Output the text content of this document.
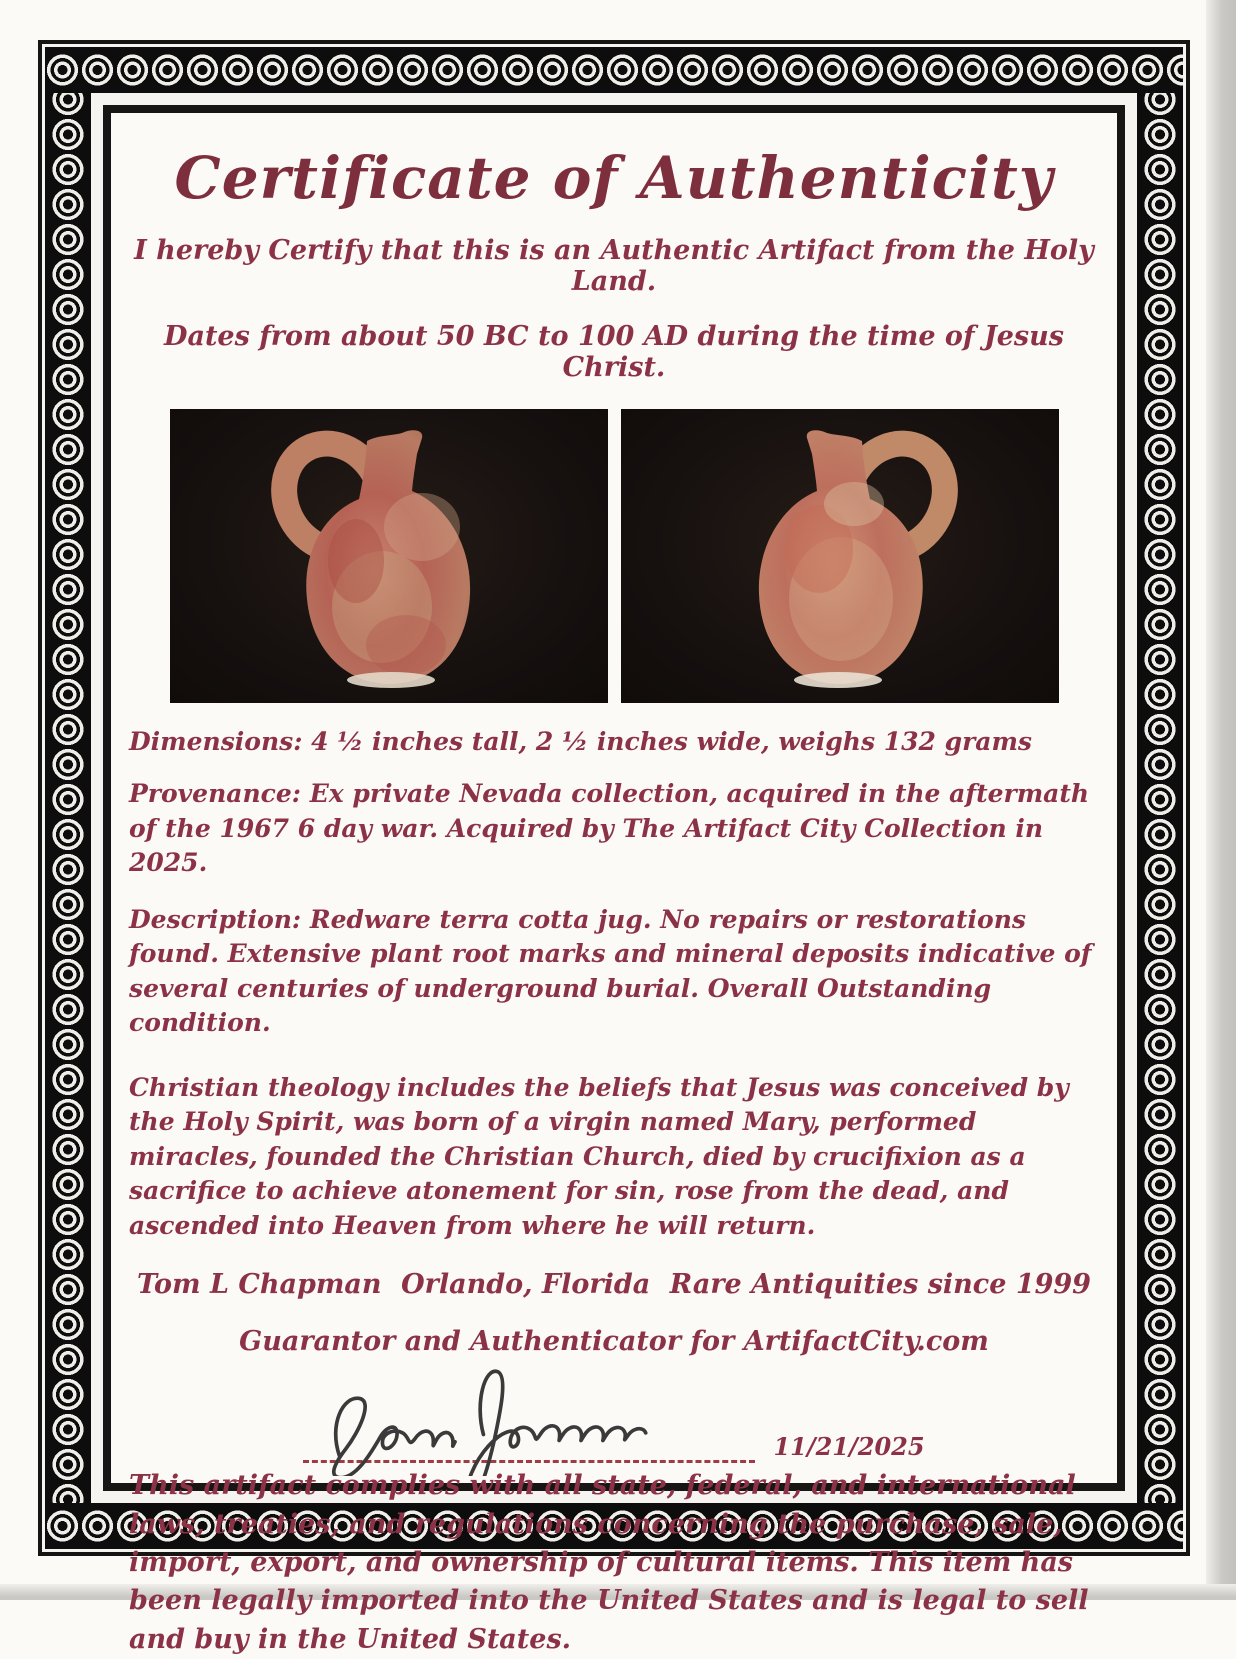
Certificate of Authenticity

I hereby Certify that this is an Authentic Artifact from the Holy Land.

Dates from about 50 BC to 100 AD during the time of Jesus Christ.

Dimensions: 4 ½ inches tall, 2 ½ inches wide, weighs 132 grams

Provenance: Ex private Nevada collection, acquired in the aftermath of the 1967 6 day war. Acquired by The Artifact City Collection in 2025.

Description: Redware terra cotta jug. No repairs or restorations found. Extensive plant root marks and mineral deposits indicative of several centuries of underground burial. Overall Outstanding condition.

Christian theology includes the beliefs that Jesus was conceived by the Holy Spirit, was born of a virgin named Mary, performed miracles, founded the Christian Church, died by crucifixion as a sacrifice to achieve atonement for sin, rose from the dead, and ascended into Heaven from where he will return.

Tom L Chapman Orlando, Florida Rare Antiquities since 1999

Guarantor and Authenticator for ArtifactCity.com

11/21/2025

This artifact complies with all state, federal, and international laws, treaties, and regulations concerning the purchase, sale, import, export, and ownership of cultural items. This item has been legally imported into the United States and is legal to sell and buy in the United States.
